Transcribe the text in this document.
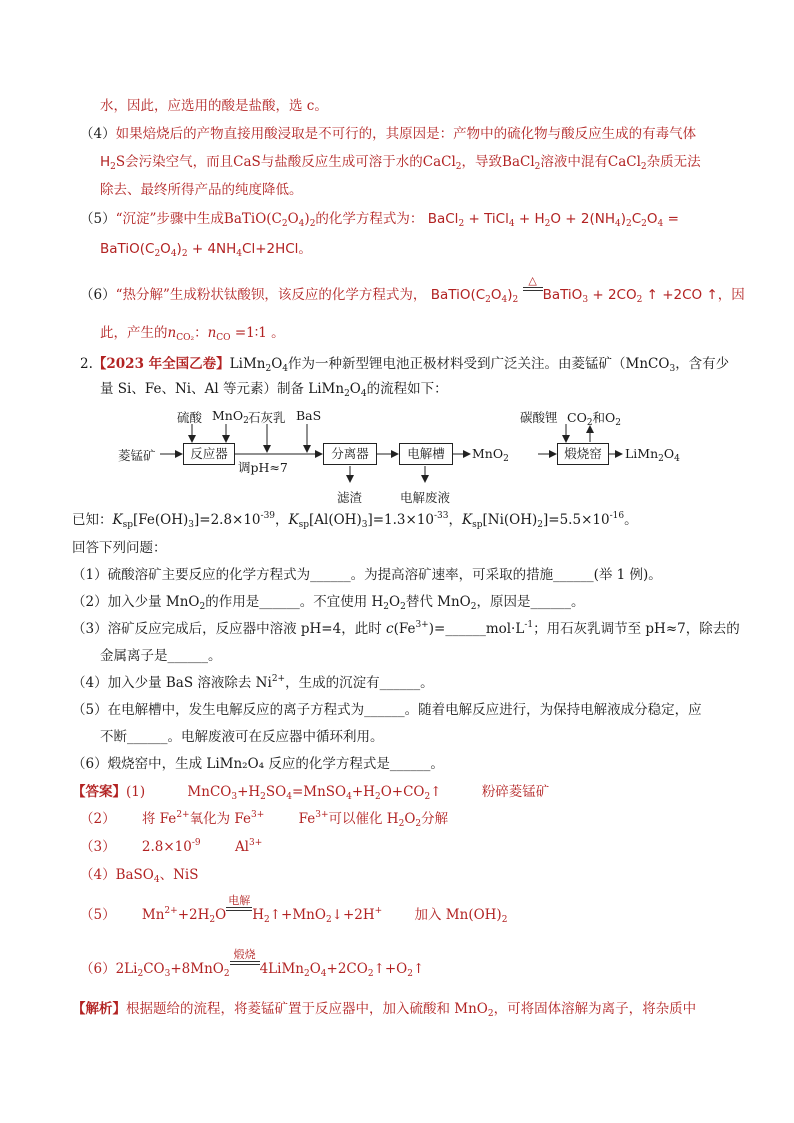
水，因此，应选用的酸是盐酸，选 c。
（4）如果焙烧后的产物直接用酸浸取是不可行的，其原因是：产物中的硫化物与酸反应生成的有毒气体
$H_2S$会污染空气，而且CaS与盐酸反应生成可溶于水的CaCl$_2$，导致BaCl$_2$溶液中混有CaCl$_2$杂质无法
除去、最终所得产品的纯度降低。
（5）“沉淀”步骤中生成$BaTiO(C_2O_4)_2$的化学方程式为： BaCl$_2$ + TiCl$_4$ + $H_2O + 2(NH_4)_2C_2O_4$ =
$BaTiO(C_2O_4)_2 + 4NH_4Cl+2HCl$。
（6）“热分解”生成粉状钛酸钡，该反应的化学方程式为， $BaTiO(C_2O_4)_2$
△
BaTiO$_3$ + $2CO_2$ ↑ +2CO ↑，因
此，产生的$n_{CO_2}$：$n_{CO}$ =1∶1 。
2.【2023 年全国乙卷】$LiMn_2O_4$作为一种新型锂电池正极材料受到广泛关注。由菱锰矿（MnCO$_3$，含有少
量 Si、Fe、Ni、Al 等元素）制备 $LiMn_2O_4$的流程如下：
菱锰矿	反应器	分离器	电解槽	MnO$_2$	煅烧窑	$LiMn_2O_4$
硫酸 MnO$_2$ 石灰乳 BaS
调pH≈7
滤渣	电解废液
碳酸锂 $CO_2$和$O_2$
已知：$K_{sp}[Fe(OH)_3]=2.8\times 10^{-39}$，$K_{sp}[Al(OH)_3]=1.3\times 10^{-33}$，$K_{sp}[Ni(OH)_2]=5.5\times 10^{-16}$。
回答下列问题：
（1）硫酸溶矿主要反应的化学方程式为______。为提高溶矿速率，可采取的措施______(举 1 例)。
（2）加入少量 MnO$_2$的作用是______。不宜使用 $H_2O_2$替代 MnO$_2$，原因是______。
（3）溶矿反应完成后，反应器中溶液 pH=4，此时 $c(Fe^{3+})=\_\_\_\_\_\_mol\cdot L^{-1}$；用石灰乳调节至 pH≈7，除去的
金属离子是______。
（4）加入少量 BaS 溶液除去 $Ni^{2+}$，生成的沉淀有______。
（5）在电解槽中，发生电解反应的离子方程式为______。随着电解反应进行，为保持电解液成分稳定，应
不断______。电解废液可在反应器中循环利用。
（6）煅烧窑中，生成 LiMn₂O₄ 反应的化学方程式是______。
【答案】(1)	$MnCO_3+H_2SO_4=MnSO_4+H_2O+CO_2↑$	粉碎菱锰矿
（2） 将 $Fe^{2+}$氧化为 $Fe^{3+}$	$Fe^{3+}$可以催化 $H_2O_2$分解
（3） $2.8\times 10^{-9}$	$Al^{3+}$
（4）BaSO$_4$、NiS
（5） $Mn^{2+}+2H_2O$
电解
$H_2↑+MnO_2↓+2H^+$ 加入 $Mn(OH)_2$
$(6)2Li_2CO_3+8MnO_2$
煅烧
$4LiMn_2O_4+2CO_2↑+O_2↑$
【解析】根据题给的流程，将菱锰矿置于反应器中，加入硫酸和 MnO$_2$，可将固体溶解为离子，将杂质中
